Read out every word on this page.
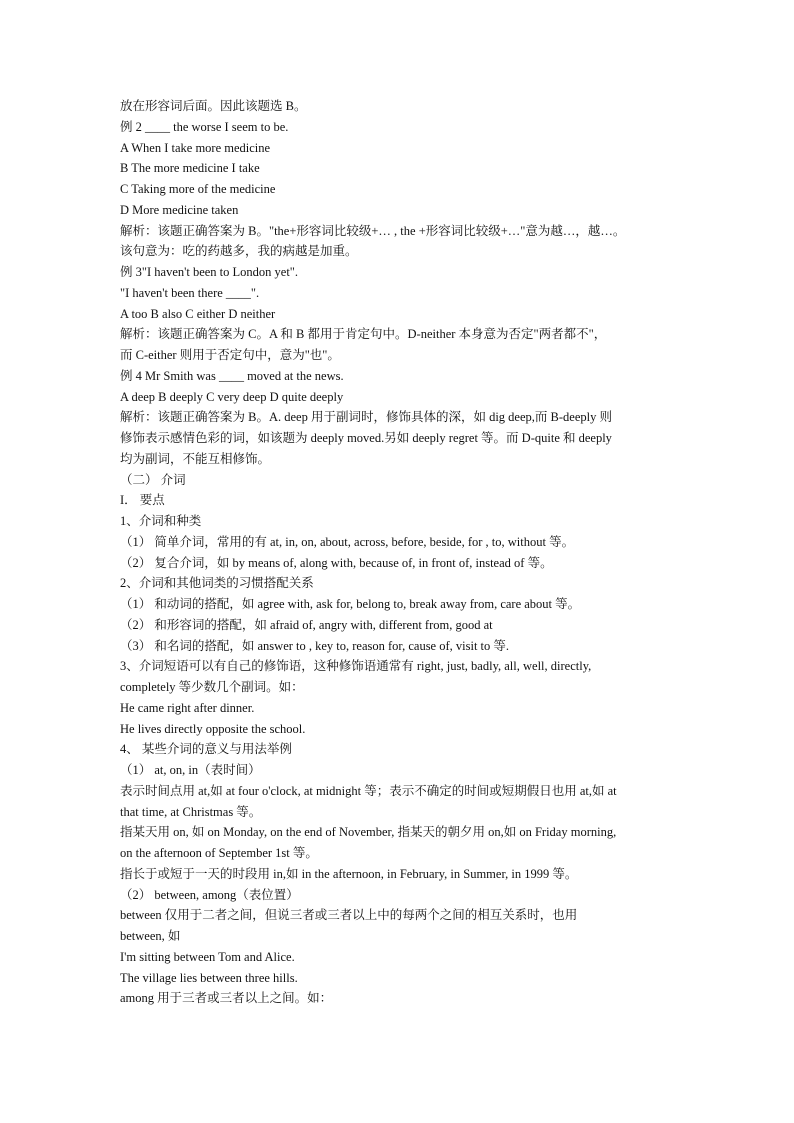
放在形容词后面。因此该题选 B。
例 2 ____ the worse I seem to be.
A When I take more medicine
B The more medicine I take
C Taking more of the medicine
D More medicine taken
解析：该题正确答案为 B。"the+形容词比较级+… , the +形容词比较级+…"意为越…，越…。
该句意为：吃的药越多，我的病越是加重。
例 3"I haven't been to London yet".
"I haven't been there ____".
A too B also C either D neither
解析：该题正确答案为 C。A 和 B 都用于肯定句中。D-neither 本身意为否定"两者都不"，
而 C-either 则用于否定句中，意为"也"。
例 4 Mr Smith was ____ moved at the news.
A deep B deeply C very deep D quite deeply
解析：该题正确答案为 B。A. deep 用于副词时，修饰具体的深，如 dig deep,而 B-deeply 则
修饰表示感情色彩的词，如该题为 deeply moved.另如 deeply regret 等。而 D-quite 和 deeply
均为副词，不能互相修饰。
（二） 介词
I． 要点
1、介词和种类
（1） 简单介词，常用的有 at, in, on, about, across, before, beside, for , to, without 等。
（2） 复合介词，如 by means of, along with, because of, in front of, instead of 等。
2、介词和其他词类的习惯搭配关系
（1） 和动词的搭配，如 agree with, ask for, belong to, break away from, care about 等。
（2） 和形容词的搭配，如 afraid of, angry with, different from, good at
（3） 和名词的搭配，如 answer to , key to, reason for, cause of, visit to 等.
3、介词短语可以有自己的修饰语，这种修饰语通常有 right, just, badly, all, well, directly,
completely 等少数几个副词。如：
He came right after dinner.
He lives directly opposite the school.
4、 某些介词的意义与用法举例
（1） at, on, in（表时间）
表示时间点用 at,如 at four o'clock, at midnight 等；表示不确定的时间或短期假日也用 at,如 at
that time, at Christmas 等。
指某天用 on, 如 on Monday, on the end of November, 指某天的朝夕用 on,如 on Friday morning,
on the afternoon of September 1st 等。
指长于或短于一天的时段用 in,如 in the afternoon, in February, in Summer, in 1999 等。
（2） between, among（表位置）
between 仅用于二者之间，但说三者或三者以上中的每两个之间的相互关系时，也用
between, 如
I'm sitting between Tom and Alice.
The village lies between three hills.
among 用于三者或三者以上之间。如：
